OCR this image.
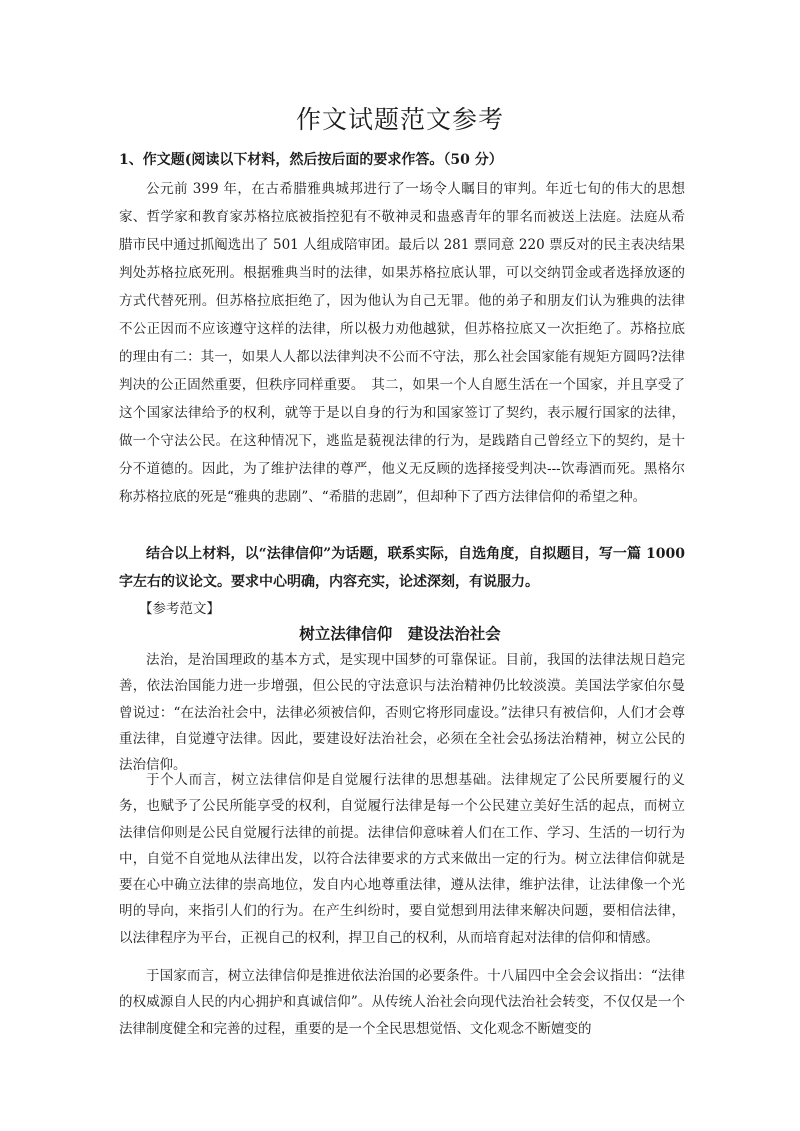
作文试题范文参考

1、作文题(阅读以下材料，然后按后面的要求作答。（50 分）

公元前 399 年，在古希腊雅典城邦进行了一场令人瞩目的审判。年近七旬的伟大的思想家、哲学家和教育家苏格拉底被指控犯有不敬神灵和蛊惑青年的罪名而被送上法庭。法庭从希腊市民中通过抓阄选出了 501 人组成陪审团。最后以 281 票同意 220 票反对的民主表决结果判处苏格拉底死刑。根据雅典当时的法律，如果苏格拉底认罪，可以交纳罚金或者选择放逐的方式代替死刑。但苏格拉底拒绝了，因为他认为自己无罪。他的弟子和朋友们认为雅典的法律不公正因而不应该遵守这样的法律，所以极力劝他越狱，但苏格拉底又一次拒绝了。苏格拉底的理由有二：其一，如果人人都以法律判决不公而不守法，那么社会国家能有规矩方圆吗?法律判决的公正固然重要，但秩序同样重要。　其二，如果一个人自愿生活在一个国家，并且享受了这个国家法律给予的权利，就等于是以自身的行为和国家签订了契约，表示履行国家的法律，做一个守法公民。在这种情况下，逃监是藐视法律的行为，是践踏自己曾经立下的契约，是十分不道德的。因此，为了维护法律的尊严，他义无反顾的选择接受判决---饮毒酒而死。黑格尔称苏格拉底的死是“雅典的悲剧”、“希腊的悲剧”，但却种下了西方法律信仰的希望之种。

结合以上材料，以“法律信仰”为话题，联系实际，自选角度，自拟题目，写一篇 1000 字左右的议论文。要求中心明确，内容充实，论述深刻，有说服力。

【参考范文】

树立法律信仰　建设法治社会

法治，是治国理政的基本方式，是实现中国梦的可靠保证。目前，我国的法律法规日趋完善，依法治国能力进一步增强，但公民的守法意识与法治精神仍比较淡漠。美国法学家伯尔曼曾说过：“在法治社会中，法律必须被信仰，否则它将形同虚设。”法律只有被信仰，人们才会尊重法律，自觉遵守法律。因此，要建设好法治社会，必须在全社会弘扬法治精神，树立公民的法治信仰。

于个人而言，树立法律信仰是自觉履行法律的思想基础。法律规定了公民所要履行的义务，也赋予了公民所能享受的权利，自觉履行法律是每一个公民建立美好生活的起点，而树立法律信仰则是公民自觉履行法律的前提。法律信仰意味着人们在工作、学习、生活的一切行为中，自觉不自觉地从法律出发，以符合法律要求的方式来做出一定的行为。树立法律信仰就是要在心中确立法律的崇高地位，发自内心地尊重法律，遵从法律，维护法律，让法律像一个光明的导向，来指引人们的行为。在产生纠纷时，要自觉想到用法律来解决问题，要相信法律，以法律程序为平台，正视自己的权利，捍卫自己的权利，从而培育起对法律的信仰和情感。

于国家而言，树立法律信仰是推进依法治国的必要条件。十八届四中全会会议指出：“法律的权威源自人民的内心拥护和真诚信仰”。从传统人治社会向现代法治社会转变，不仅仅是一个法律制度健全和完善的过程，重要的是一个全民思想觉悟、文化观念不断嬗变的
